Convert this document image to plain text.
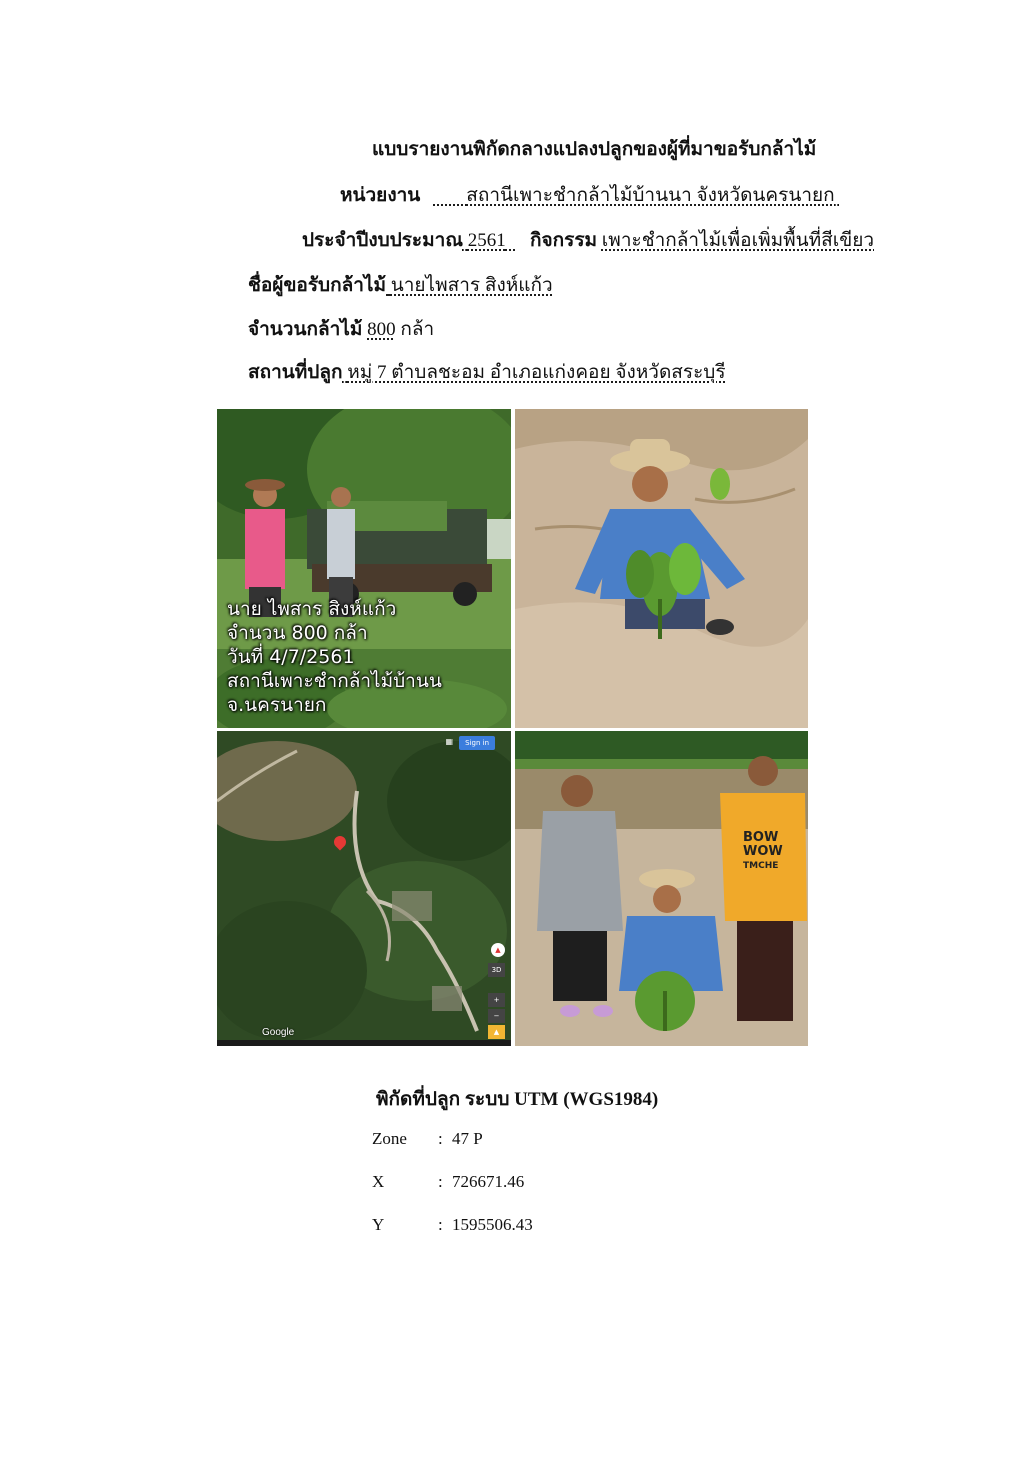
แบบรายงานพิกัดกลางแปลงปลูกของผู้ที่มาขอรับกล้าไม้
หน่วยงาน สถานีเพาะชำกล้าไม้บ้านนา จังหวัดนครนายก
ประจำปีงบประมาณ 2561 กิจกรรม เพาะชำกล้าไม้เพื่อเพิ่มพื้นที่สีเขียว
ชื่อผู้ขอรับกล้าไม้ นายไพสาร สิงห์แก้ว
จำนวนกล้าไม้ 800 กล้า
สถานที่ปลูก หมู่ 7 ตำบลชะอม อำเภอแก่งคอย จังหวัดสระบุรี
นาย ไพสาร สิงห์แก้ว
จำนวน 800 กล้า
วันที่ 4/7/2561
สถานีเพาะชำกล้าไม้บ้านน
จ.นครนายก
▦	Sign in
▲
3D
+
−
▲
Google
BOW
WOW
TMCHE
พิกัดที่ปลูก ระบบ UTM (WGS1984)
Zone : 47 P
X	: 726671.46
Y	: 1595506.43
